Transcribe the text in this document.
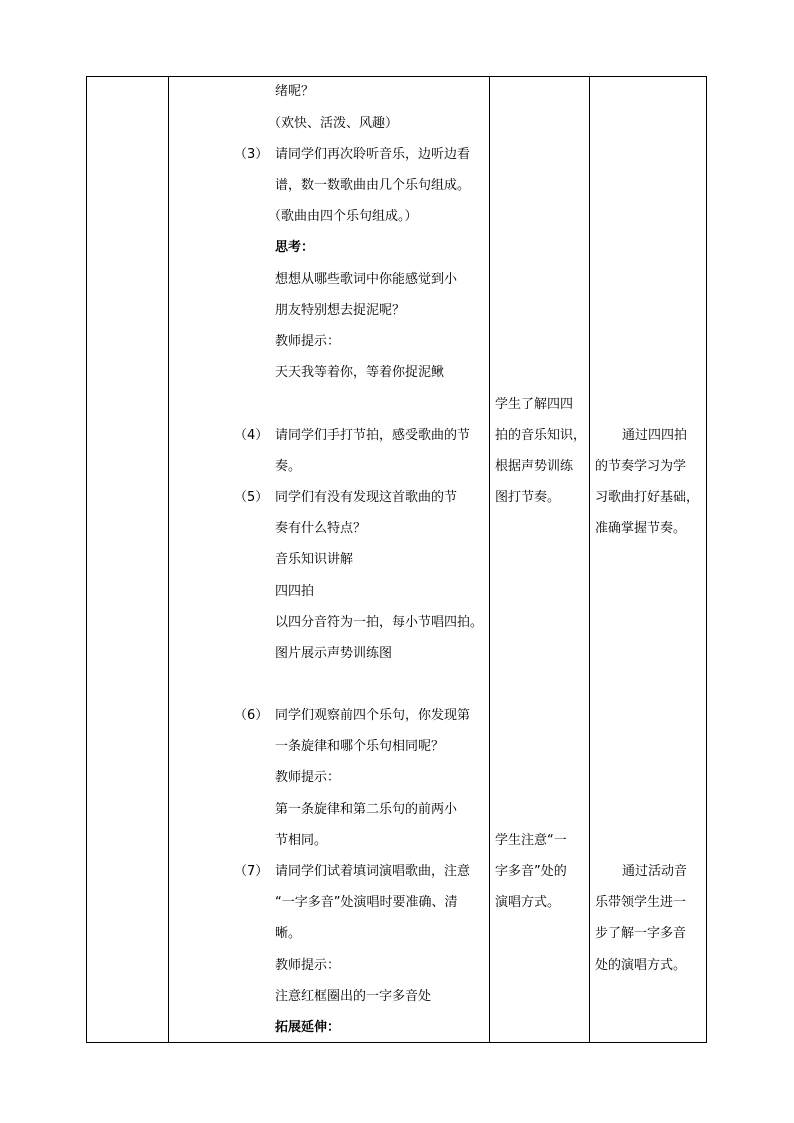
绪呢？
（欢快、活泼、风趣）
（3） 请同学们再次聆听音乐，边听边看
谱，数一数歌曲由几个乐句组成。
（歌曲由四个乐句组成。）
思考：
想想从哪些歌词中你能感觉到小
朋友特别想去捉泥呢？
教师提示：
天天我等着你，等着你捉泥鳅
（4） 请同学们手打节拍，感受歌曲的节
奏。
（5） 同学们有没有发现这首歌曲的节
奏有什么特点？
音乐知识讲解
四四拍
以四分音符为一拍，每小节唱四拍。
图片展示声势训练图
（6） 同学们观察前四个乐句，你发现第
一条旋律和哪个乐句相同呢？
教师提示：
第一条旋律和第二乐句的前两小
节相同。
（7） 请同学们试着填词演唱歌曲，注意
“一字多音”处演唱时要准确、清
晰。
教师提示：
注意红框圈出的一字多音处
拓展延伸：
学生了解四四
拍的音乐知识，
根据声势训练
图打节奏。
学生注意“一
字多音”处的
演唱方式。
通过四四拍
的节奏学习为学
习歌曲打好基础，
准确掌握节奏。
通过活动音
乐带领学生进一
步了解一字多音
处的演唱方式。
